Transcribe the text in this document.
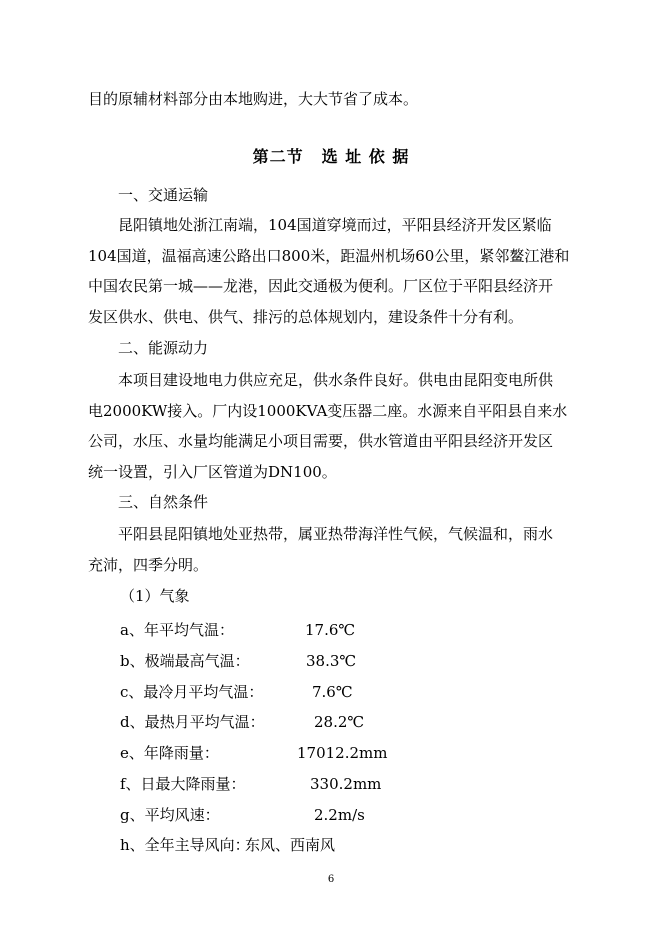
目的原辅材料部分由本地购进，大大节省了成本。
第二节 选 址 依 据
一、交通运输
昆阳镇地处浙江南端，104国道穿境而过，平阳县经济开发区紧临
104国道，温福高速公路出口800米，距温州机场60公里，紧邻鳌江港和
中国农民第一城——龙港，因此交通极为便利。厂区位于平阳县经济开
发区供水、供电、供气、排污的总体规划内，建设条件十分有利。
二、能源动力
本项目建设地电力供应充足，供水条件良好。供电由昆阳变电所供
电2000KW接入。厂内设1000KVA变压器二座。水源来自平阳县自来水
公司，水压、水量均能满足小项目需要，供水管道由平阳县经济开发区
统一设置，引入厂区管道为DN100。
三、自然条件
平阳县昆阳镇地处亚热带，属亚热带海洋性气候，气候温和，雨水
充沛，四季分明。
（1）气象
a、年平均气温：	17.6℃
b、极端最高气温：	38.3℃
c、最冷月平均气温：	7.6℃
d、最热月平均气温：	28.2℃
e、年降雨量：	17012.2mm
f、日最大降雨量：	330.2mm
g、平均风速：	2.2m/s
h、全年主导风向：
东风、西南风
6
